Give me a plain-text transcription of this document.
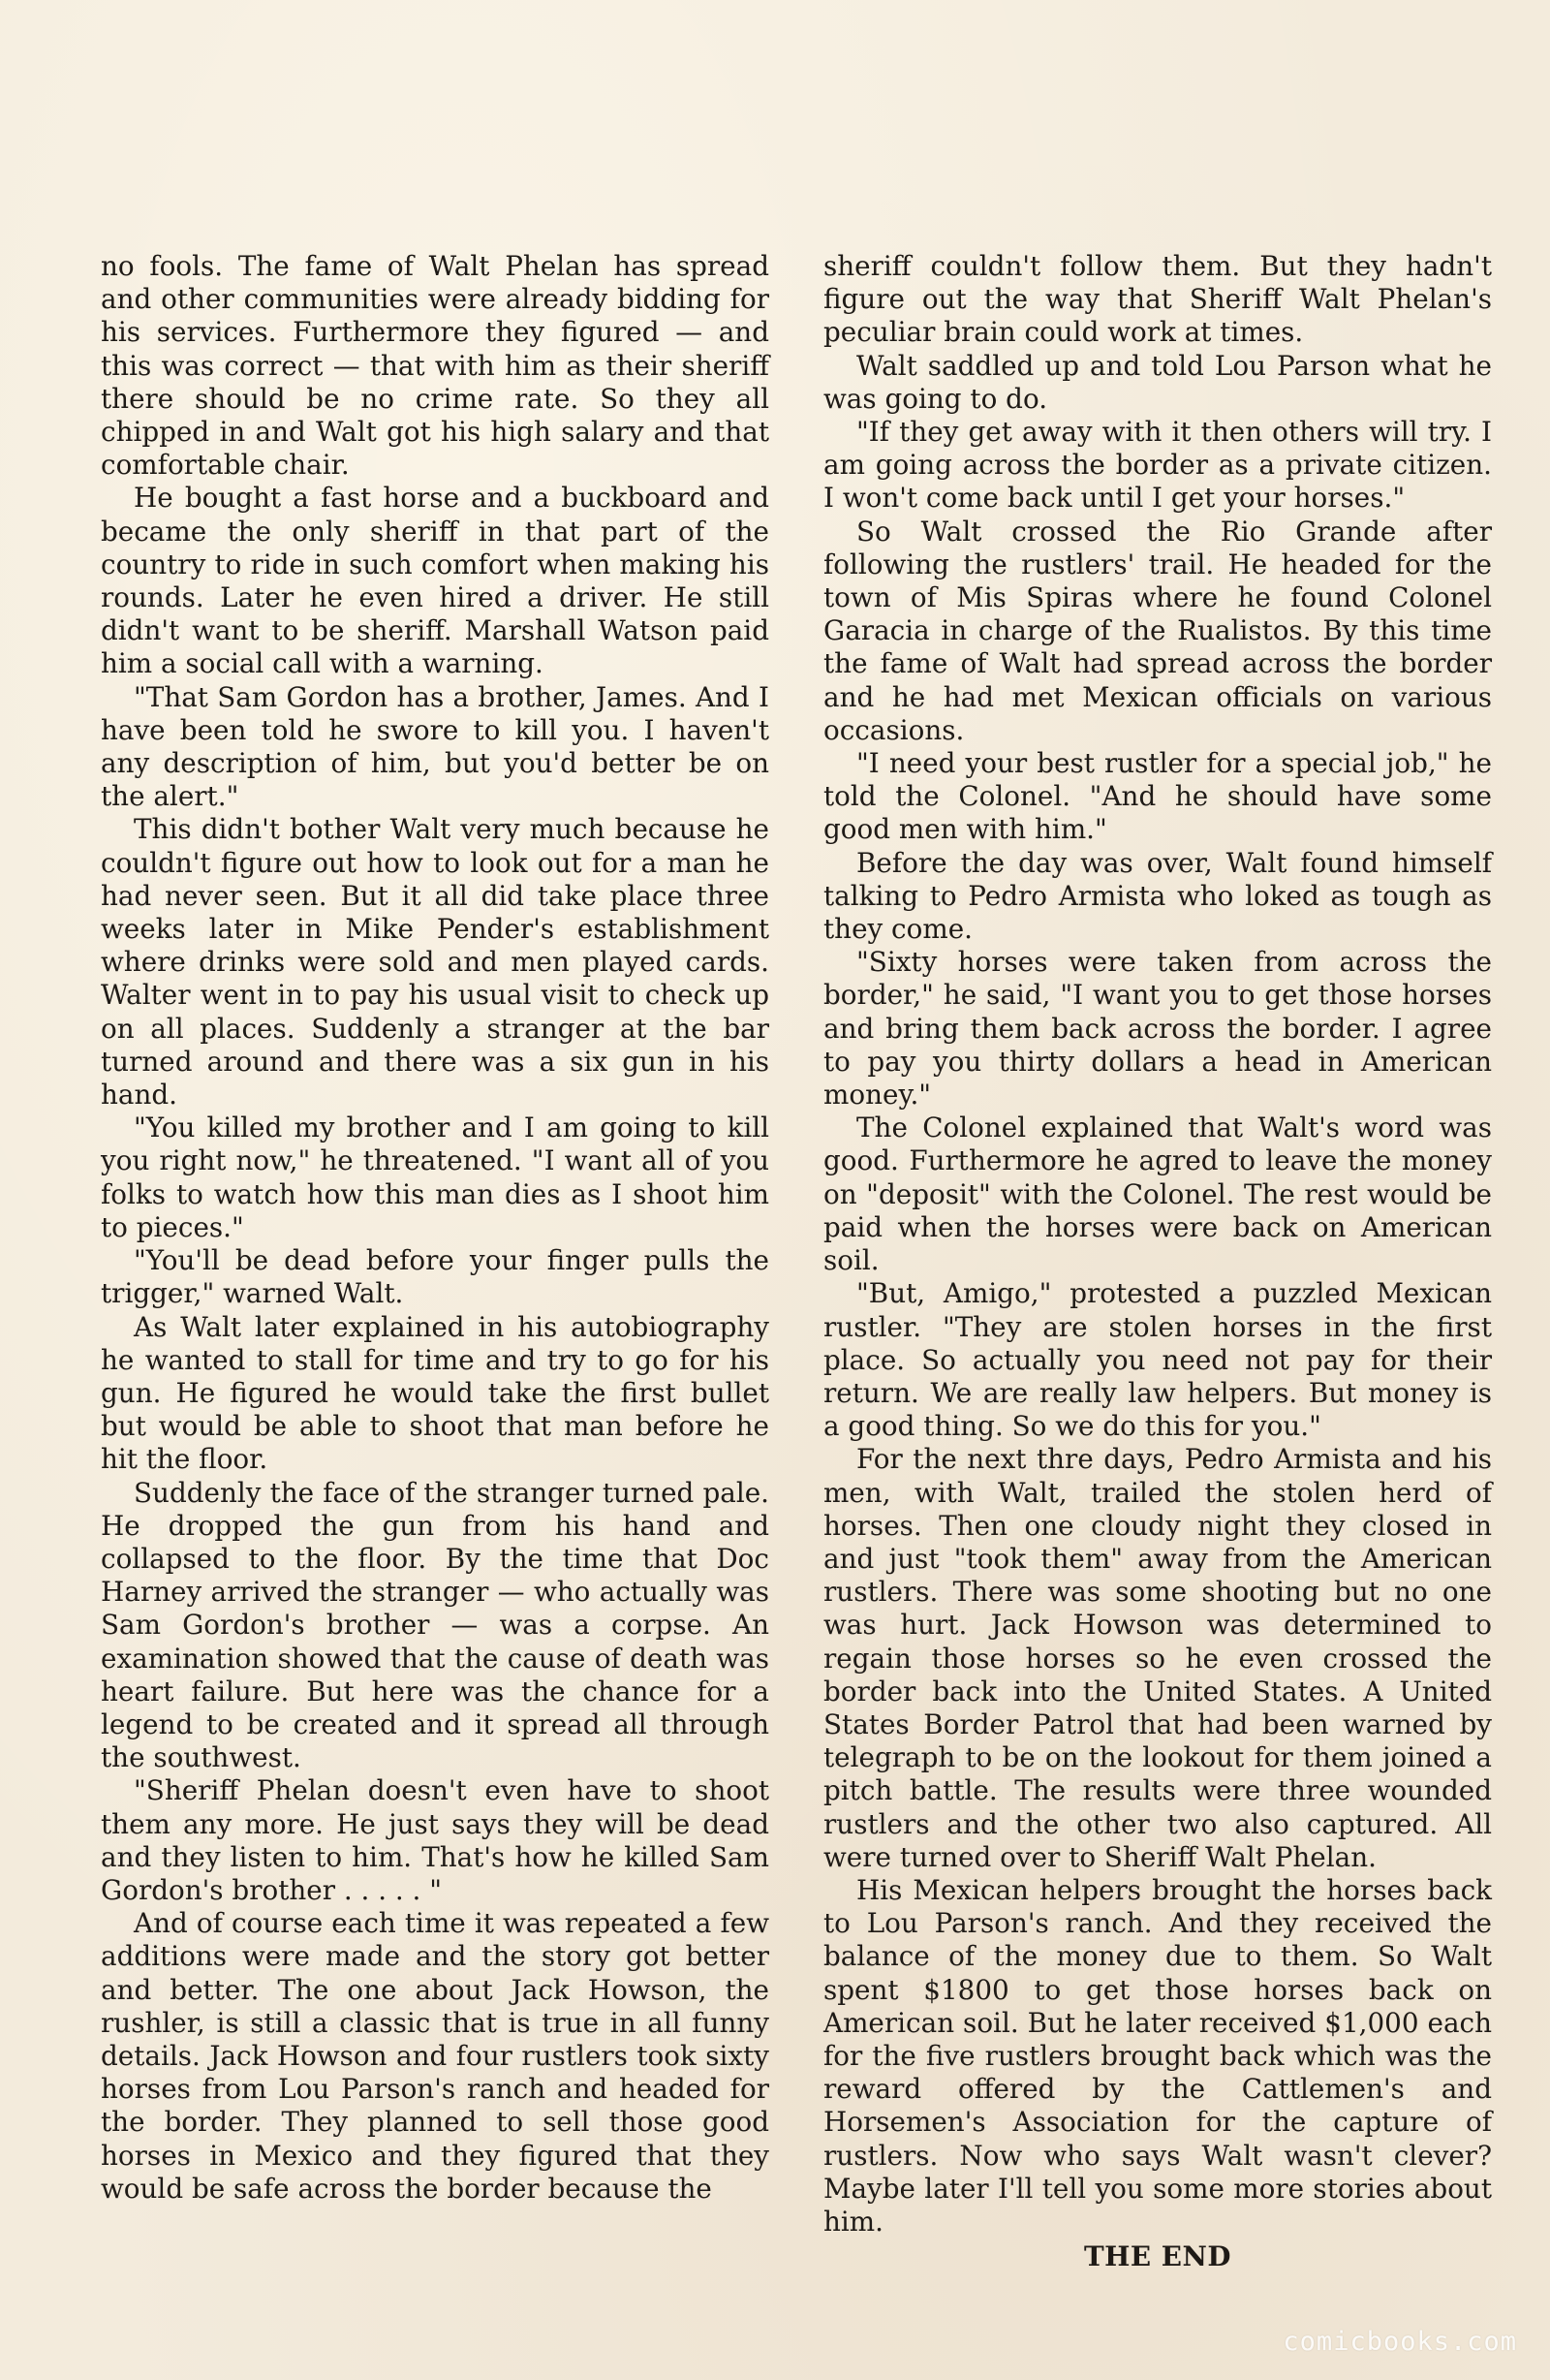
no fools. The fame of Walt Phelan has spread and other communities were already bidding for his services. Furthermore they figured — and this was correct — that with him as their sheriff there should be no crime rate. So they all chipped in and Walt got his high salary and that comfortable chair.

He bought a fast horse and a buckboard and became the only sheriff in that part of the country to ride in such comfort when making his rounds. Later he even hired a driver. He still didn't want to be sheriff. Marshall Watson paid him a social call with a warning.

"That Sam Gordon has a brother, James. And I have been told he swore to kill you. I haven't any description of him, but you'd better be on the alert."

This didn't bother Walt very much because he couldn't figure out how to look out for a man he had never seen. But it all did take place three weeks later in Mike Pender's establishment where drinks were sold and men played cards. Walter went in to pay his usual visit to check up on all places. Suddenly a stranger at the bar turned around and there was a six gun in his hand.

"You killed my brother and I am going to kill you right now," he threatened. "I want all of you folks to watch how this man dies as I shoot him to pieces."

"You'll be dead before your finger pulls the trigger," warned Walt.

As Walt later explained in his autobiography he wanted to stall for time and try to go for his gun. He figured he would take the first bullet but would be able to shoot that man before he hit the floor.

Suddenly the face of the stranger turned pale. He dropped the gun from his hand and collapsed to the floor. By the time that Doc Harney arrived the stranger — who actually was Sam Gordon's brother — was a corpse. An examination showed that the cause of death was heart failure. But here was the chance for a legend to be created and it spread all through the southwest.

"Sheriff Phelan doesn't even have to shoot them any more. He just says they will be dead and they listen to him. That's how he killed Sam Gordon's brother . . . . . "

And of course each time it was repeated a few additions were made and the story got better and better. The one about Jack Howson, the rushler, is still a classic that is true in all funny details. Jack Howson and four rustlers took sixty horses from Lou Parson's ranch and headed for the border. They planned to sell those good horses in Mexico and they figured that they would be safe across the border because the

sheriff couldn't follow them. But they hadn't figure out the way that Sheriff Walt Phelan's peculiar brain could work at times.

Walt saddled up and told Lou Parson what he was going to do.

"If they get away with it then others will try. I am going across the border as a private citizen. I won't come back until I get your horses."

So Walt crossed the Rio Grande after following the rustlers' trail. He headed for the town of Mis Spiras where he found Colonel Garacia in charge of the Rualistos. By this time the fame of Walt had spread across the border and he had met Mexican officials on various occasions.

"I need your best rustler for a special job," he told the Colonel. "And he should have some good men with him."

Before the day was over, Walt found himself talking to Pedro Armista who loked as tough as they come.

"Sixty horses were taken from across the border," he said, "I want you to get those horses and bring them back across the border. I agree to pay you thirty dollars a head in American money."

The Colonel explained that Walt's word was good. Furthermore he agred to leave the money on "deposit" with the Colonel. The rest would be paid when the horses were back on American soil.

"But, Amigo," protested a puzzled Mexican rustler. "They are stolen horses in the first place. So actually you need not pay for their return. We are really law helpers. But money is a good thing. So we do this for you."

For the next thre days, Pedro Armista and his men, with Walt, trailed the stolen herd of horses. Then one cloudy night they closed in and just "took them" away from the American rustlers. There was some shooting but no one was hurt. Jack Howson was determined to regain those horses so he even crossed the border back into the United States. A United States Border Patrol that had been warned by telegraph to be on the lookout for them joined a pitch battle. The results were three wounded rustlers and the other two also captured. All were turned over to Sheriff Walt Phelan.

His Mexican helpers brought the horses back to Lou Parson's ranch. And they received the balance of the money due to them. So Walt spent $1800 to get those horses back on American soil. But he later received $1,000 each for the five rustlers brought back which was the reward offered by the Cattlemen's and Horsemen's Association for the capture of rustlers. Now who says Walt wasn't clever? Maybe later I'll tell you some more stories about him.

THE END

comicbooks.com
